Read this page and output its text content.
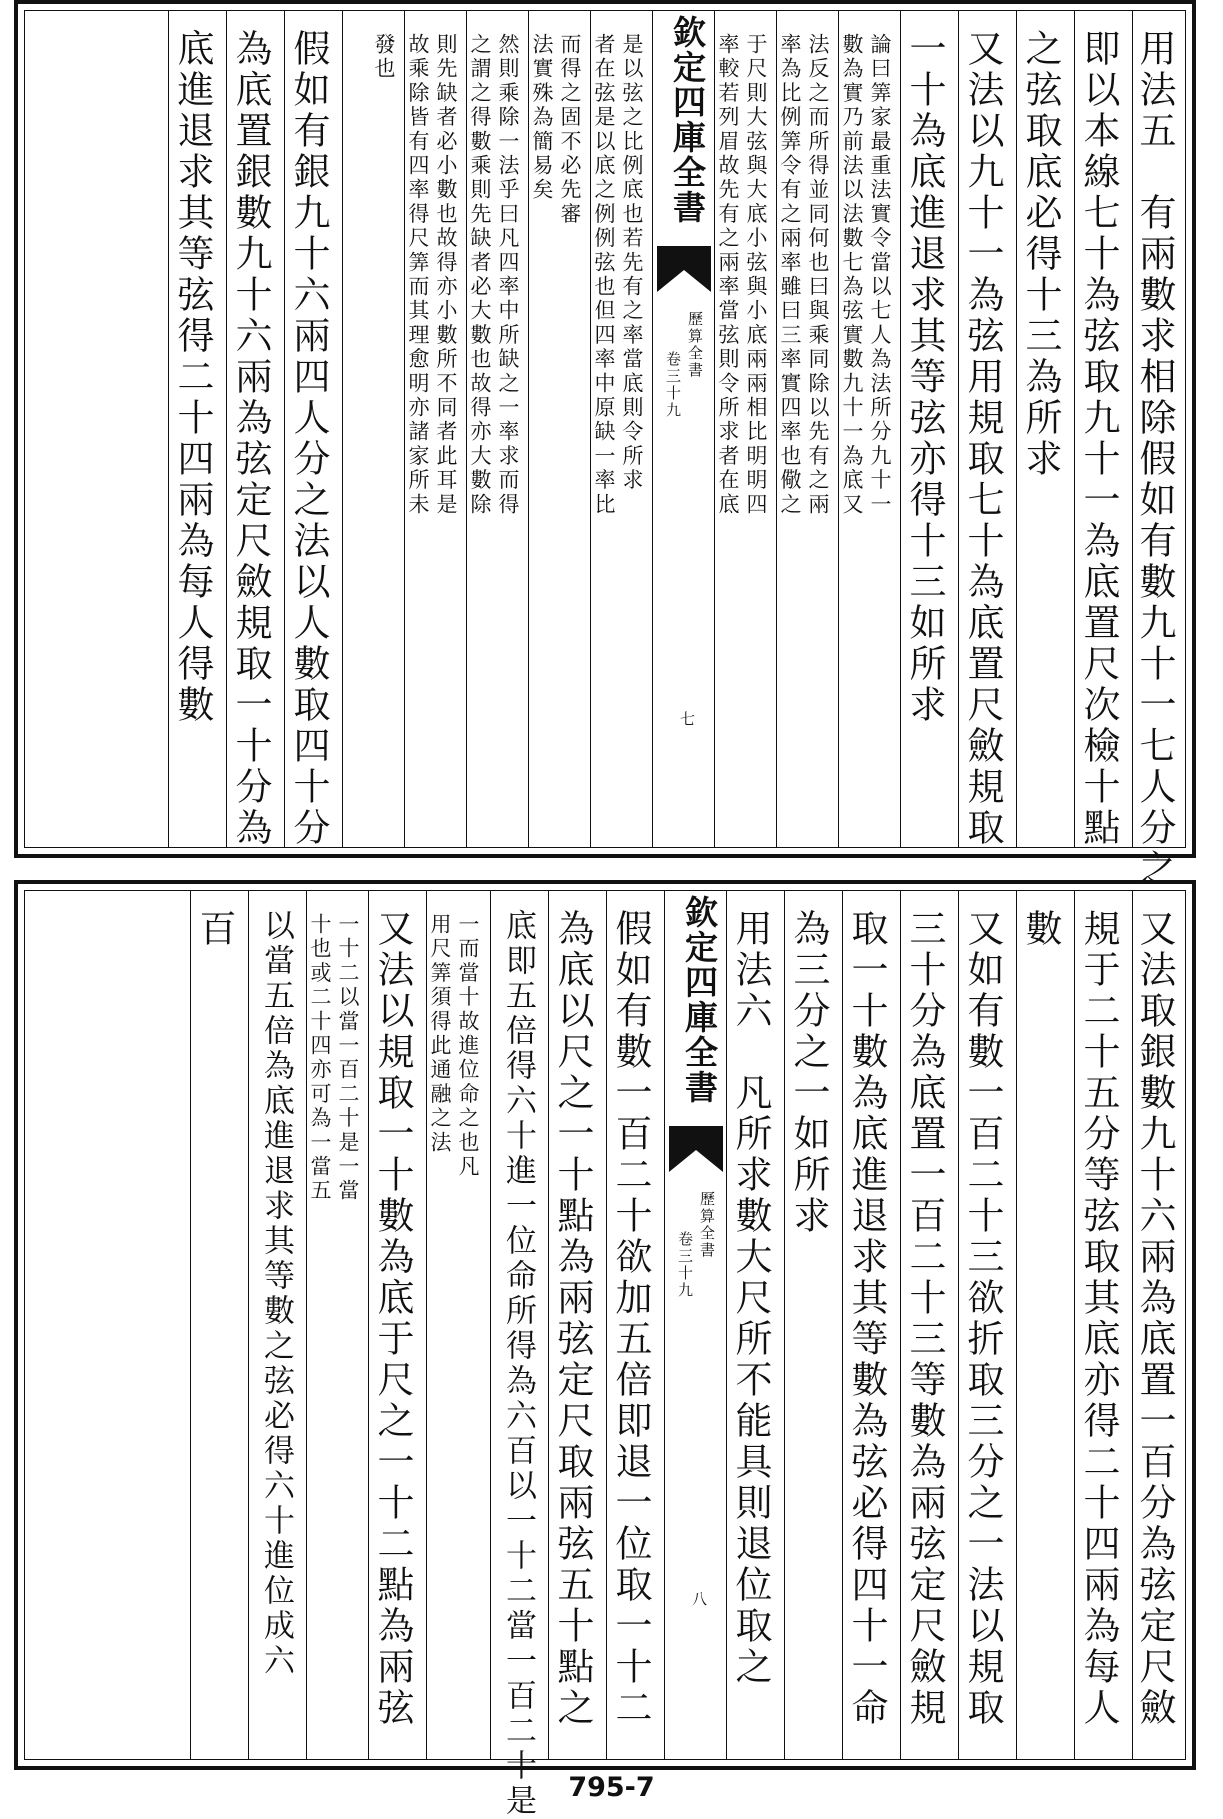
用法五　有兩數求相除假如有數九十一七人分之
即以本線七十為弦取九十一為底置尺次檢十點
之弦取底必得十三為所求
又法以九十一為弦用規取七十為底置尺斂規取
一十為底進退求其等弦亦得十三如所求
論曰筭家最重法實令當以七人為法所分九十一
數為實乃前法以法數七為弦實數九十一為底又
法反之而所得並同何也曰與乘同除以先有之兩
率為比例筭令有之兩率雖曰三率實四率也儆之
于尺則大弦與大底小弦與小底兩兩相比明明四
率較若列眉故先有之兩率當弦則令所求者在底
欽定四庫全書
歷算全書
卷三十九
七
是以弦之比例底也若先有之率當底則令所求
者在弦是以底之例例弦也但四率中原缺一率比
而得之固不必先審
法實殊為簡易矣
然則乘除一法乎曰凡四率中所缺之一率求而得
之謂之得數乘則先缺者必大數也故得亦大數除
則先缺者必小數也故得亦小數所不同者此耳是
故乘除皆有四率得尺筭而其理愈明亦諸家所未
發也
假如有銀九十六兩四人分之法以人數取四十分
為底置銀數九十六兩為弦定尺斂規取一十分為
底進退求其等弦得二十四兩為每人得數
又法取銀數九十六兩為底置一百分為弦定尺斂
規于二十五分等弦取其底亦得二十四兩為每人
數
又如有數一百二十三欲折取三分之一法以規取
三十分為底置一百二十三等數為兩弦定尺斂規
取一十數為底進退求其等數為弦必得四十一命
為三分之一如所求
用法六　凡所求數大尺所不能具則退位取之
欽定四庫全書
歷算全書
卷三十九
八
假如有數一百二十欲加五倍即退一位取一十二
為底以尺之一十點為兩弦定尺取兩弦五十點之
底即五倍得六十進一位命所得為六百以一十二當一百二十是
一而當十故進位命之也凡
用尺筭須得此通融之法
又法以規取一十數為底于尺之一十二點為兩弦
一十二以當一百二十是一當
十也或二十四亦可為一當五
以當五倍為底進退求其等數之弦必得六十進位成六
百
795-7
